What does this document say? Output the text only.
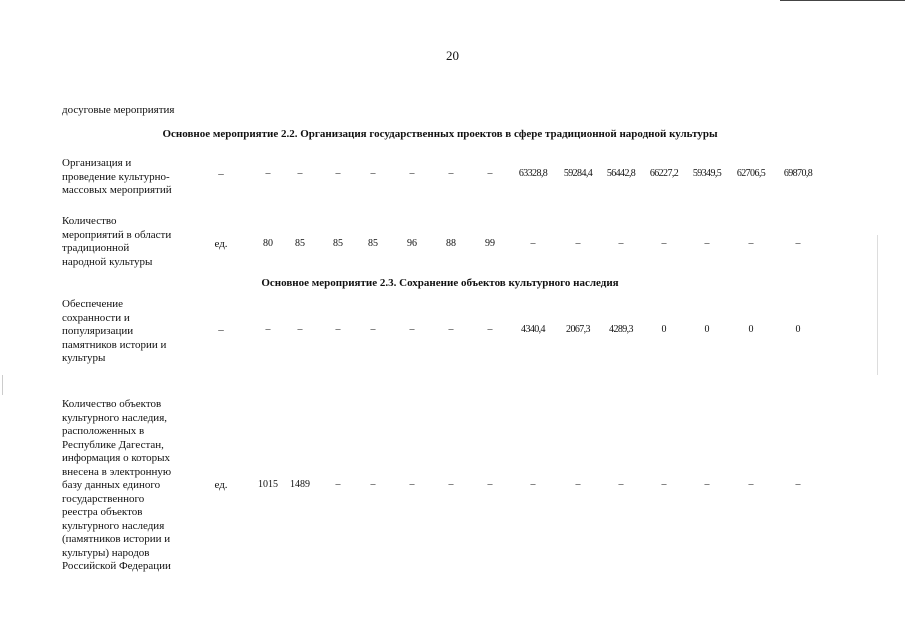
20
досуговые мероприятия
Основное мероприятие 2.2. Организация государственных проектов в сфере традиционной народной культуры
Основное мероприятие 2.3. Сохранение объектов культурного наследия
Организация и
проведение культурно-
массовых мероприятий
–	–	–	–	–	–	–	–	63328,8	59284,4	56442,8	66227,2	59349,5	62706,5	69870,8
Количество
мероприятий в области
традиционной
народной культуры
ед.	80	85	85	85	96	88	99	–	–	–	–	–	–	–
Обеспечение
сохранности и
популяризации
памятников истории и
культуры
–	–	–	–	–	–	–	–	4340,4	2067,3	4289,3	0	0	0	0
Количество объектов
культурного наследия,
расположенных в
Республике Дагестан,
информация о которых
внесена в электронную
базу данных единого
государственного
реестра объектов
культурного наследия
(памятников истории и
культуры) народов
Российской Федерации
ед.	1015	1489	–	–	–	–	–	–	–	–	–	–	–	–
